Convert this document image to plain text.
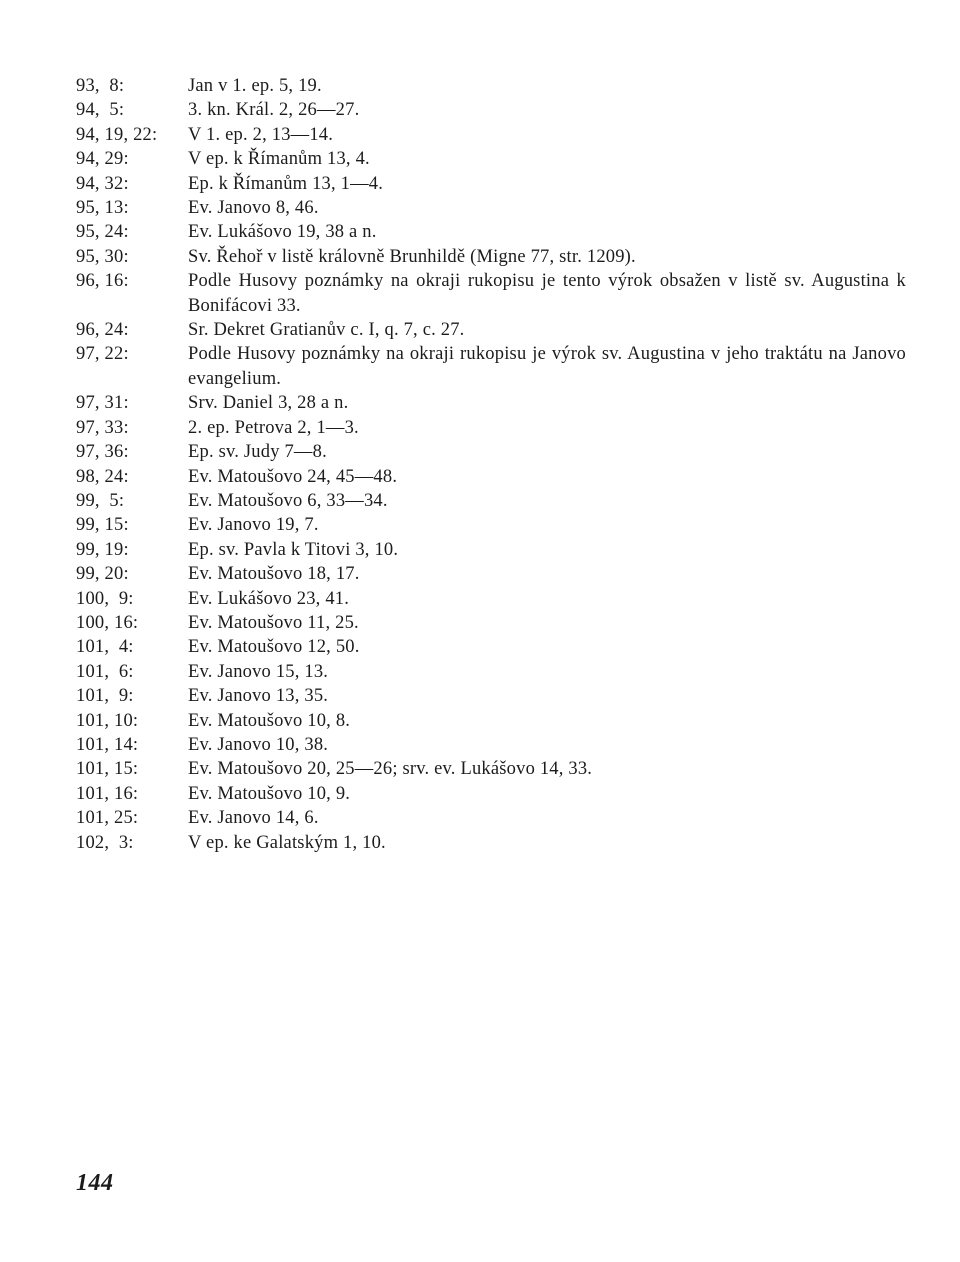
93,  8:	Jan v 1. ep. 5, 19.
94,  5:	3. kn. Král. 2, 26—27.
94, 19, 22:	V 1. ep. 2, 13—14.
94, 29:	V ep. k Římanům 13, 4.
94, 32:	Ep. k Římanům 13, 1—4.
95, 13:	Ev. Janovo 8, 46.
95, 24:	Ev. Lukášovo 19, 38 a n.
95, 30:	Sv. Řehoř v listě královně Brunhildě (Migne 77, str. 1209).
96, 16:	Podle Husovy poznámky na okraji rukopisu je tento výrok obsažen v listě sv. Augustina k Bonifácovi 33.
96, 24:	Sr. Dekret Gratianův c. I, q. 7, c. 27.
97, 22:	Podle Husovy poznámky na okraji rukopisu je výrok sv. Augustina v jeho traktátu na Janovo evangelium.
97, 31:	Srv. Daniel 3, 28 a n.
97, 33:	2. ep. Petrova 2, 1—3.
97, 36:	Ep. sv. Judy 7—8.
98, 24:	Ev. Matoušovo 24, 45—48.
99,  5:	Ev. Matoušovo 6, 33—34.
99, 15:	Ev. Janovo 19, 7.
99, 19:	Ep. sv. Pavla k Titovi 3, 10.
99, 20:	Ev. Matoušovo 18, 17.
100,  9:	Ev. Lukášovo 23, 41.
100, 16:	Ev. Matoušovo 11, 25.
101,  4:	Ev. Matoušovo 12, 50.
101,  6:	Ev. Janovo 15, 13.
101,  9:	Ev. Janovo 13, 35.
101, 10:	Ev. Matoušovo 10, 8.
101, 14:	Ev. Janovo 10, 38.
101, 15:	Ev. Matoušovo 20, 25—26; srv. ev. Lukášovo 14, 33.
101, 16:	Ev. Matoušovo 10, 9.
101, 25:	Ev. Janovo 14, 6.
102,  3:	V ep. ke Galatským 1, 10.
144
